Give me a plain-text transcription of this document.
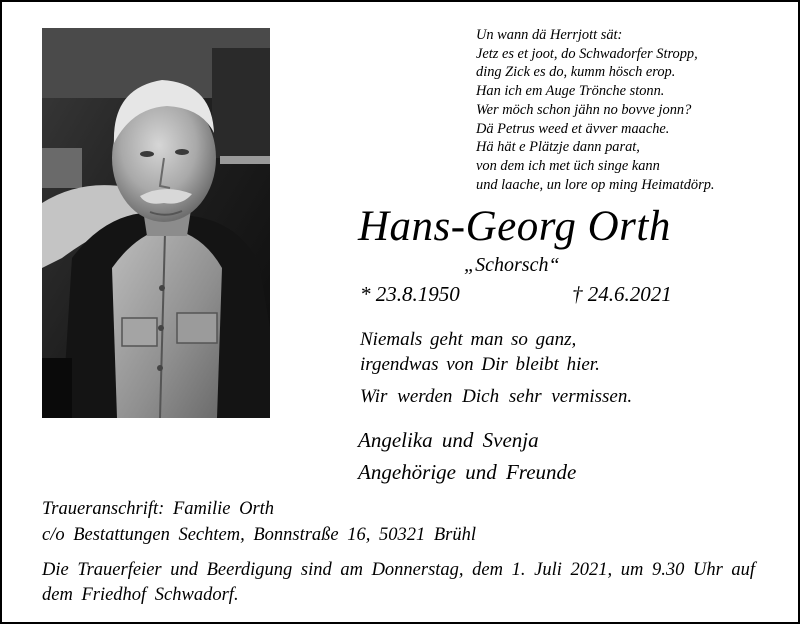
Un wann dä Herrjott sät:
Jetz es et joot, do Schwadorfer Stropp,
ding Zick es do, kumm hösch erop.
Han ich em Auge Trönche stonn.
Wer möch schon jähn no bovve jonn?
Dä Petrus weed et ävver maache.
Hä hät e Plätzje dann parat,
von dem ich met üch singe kann
und laache, un lore op ming Heimatdörp.
Hans-Georg Orth
„Schorsch“
* 23.8.1950	† 24.6.2021
Niemals geht man so ganz,
irgendwas von Dir bleibt hier.
Wir werden Dich sehr vermissen.
Angelika und Svenja
Angehörige und Freunde
Traueranschrift: Familie Orth
c/o Bestattungen Sechtem, Bonnstraße 16, 50321 Brühl
Die Trauerfeier und Beerdigung sind am Donnerstag, dem 1. Juli 2021, um 9.30 Uhr auf dem Friedhof Schwadorf.
